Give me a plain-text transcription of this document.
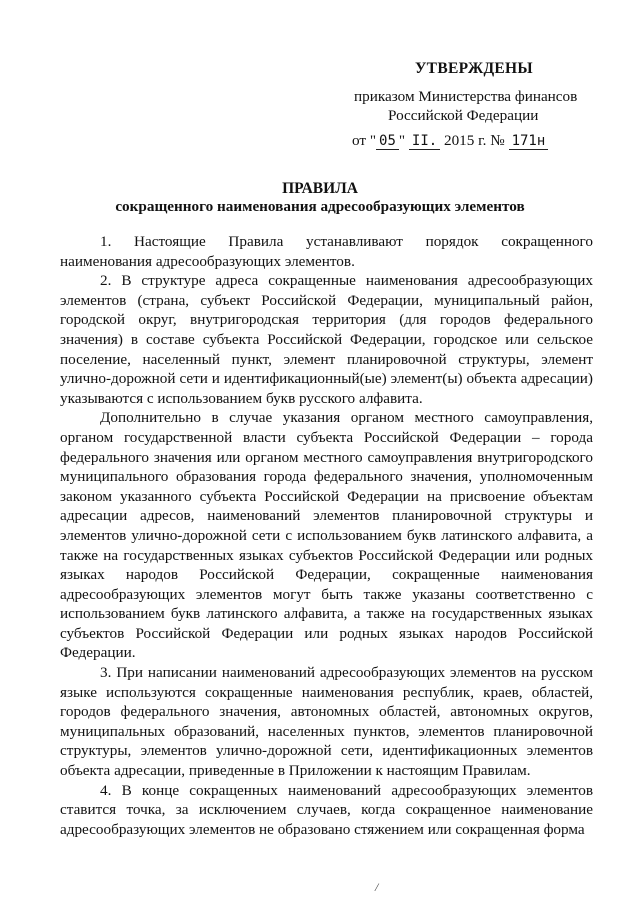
УТВЕРЖДЕНЫ
приказом Министерства финансов
Российской Федерации
от " 05 " II. 2015 г. № 171н
ПРАВИЛА
сокращенного наименования адресообразующих элементов

1. Настоящие Правила устанавливают порядок сокращенного наименования адресообразующих элементов.

2. В структуре адреса сокращенные наименования адресообразующих элементов (страна, субъект Российской Федерации, муниципальный район, городской округ, внутригородская территория (для городов федерального значения) в составе субъекта Российской Федерации, городское или сельское поселение, населенный пункт, элемент планировочной структуры, элемент улично-дорожной сети и идентификационный(ые) элемент(ы) объекта адресации) указываются с использованием букв русского алфавита.

Дополнительно в случае указания органом местного самоуправления, органом государственной власти субъекта Российской Федерации – города федерального значения или органом местного самоуправления внутригородского муниципального образования города федерального значения, уполномоченным законом указанного субъекта Российской Федерации на присвоение объектам адресации адресов, наименований элементов планировочной структуры и элементов улично-дорожной сети с использованием букв латинского алфавита, а также на государственных языках субъектов Российской Федерации или родных языках народов Российской Федерации, сокращенные наименования адресообразующих элементов могут быть также указаны соответственно с использованием букв латинского алфавита, а также на государственных языках субъектов Российской Федерации или родных языках народов Российской Федерации.

3. При написании наименований адресообразующих элементов на русском языке используются сокращенные наименования республик, краев, областей, городов федерального значения, автономных областей, автономных округов, муниципальных образований, населенных пунктов, элементов планировочной структуры, элементов улично-дорожной сети, идентификационных элементов объекта адресации, приведенные в Приложении к настоящим Правилам.

4. В конце сокращенных наименований адресообразующих элементов ставится точка, за исключением случаев, когда сокращенное наименование адресообразующих элементов не образовано стяжением или сокращенная форма

/
